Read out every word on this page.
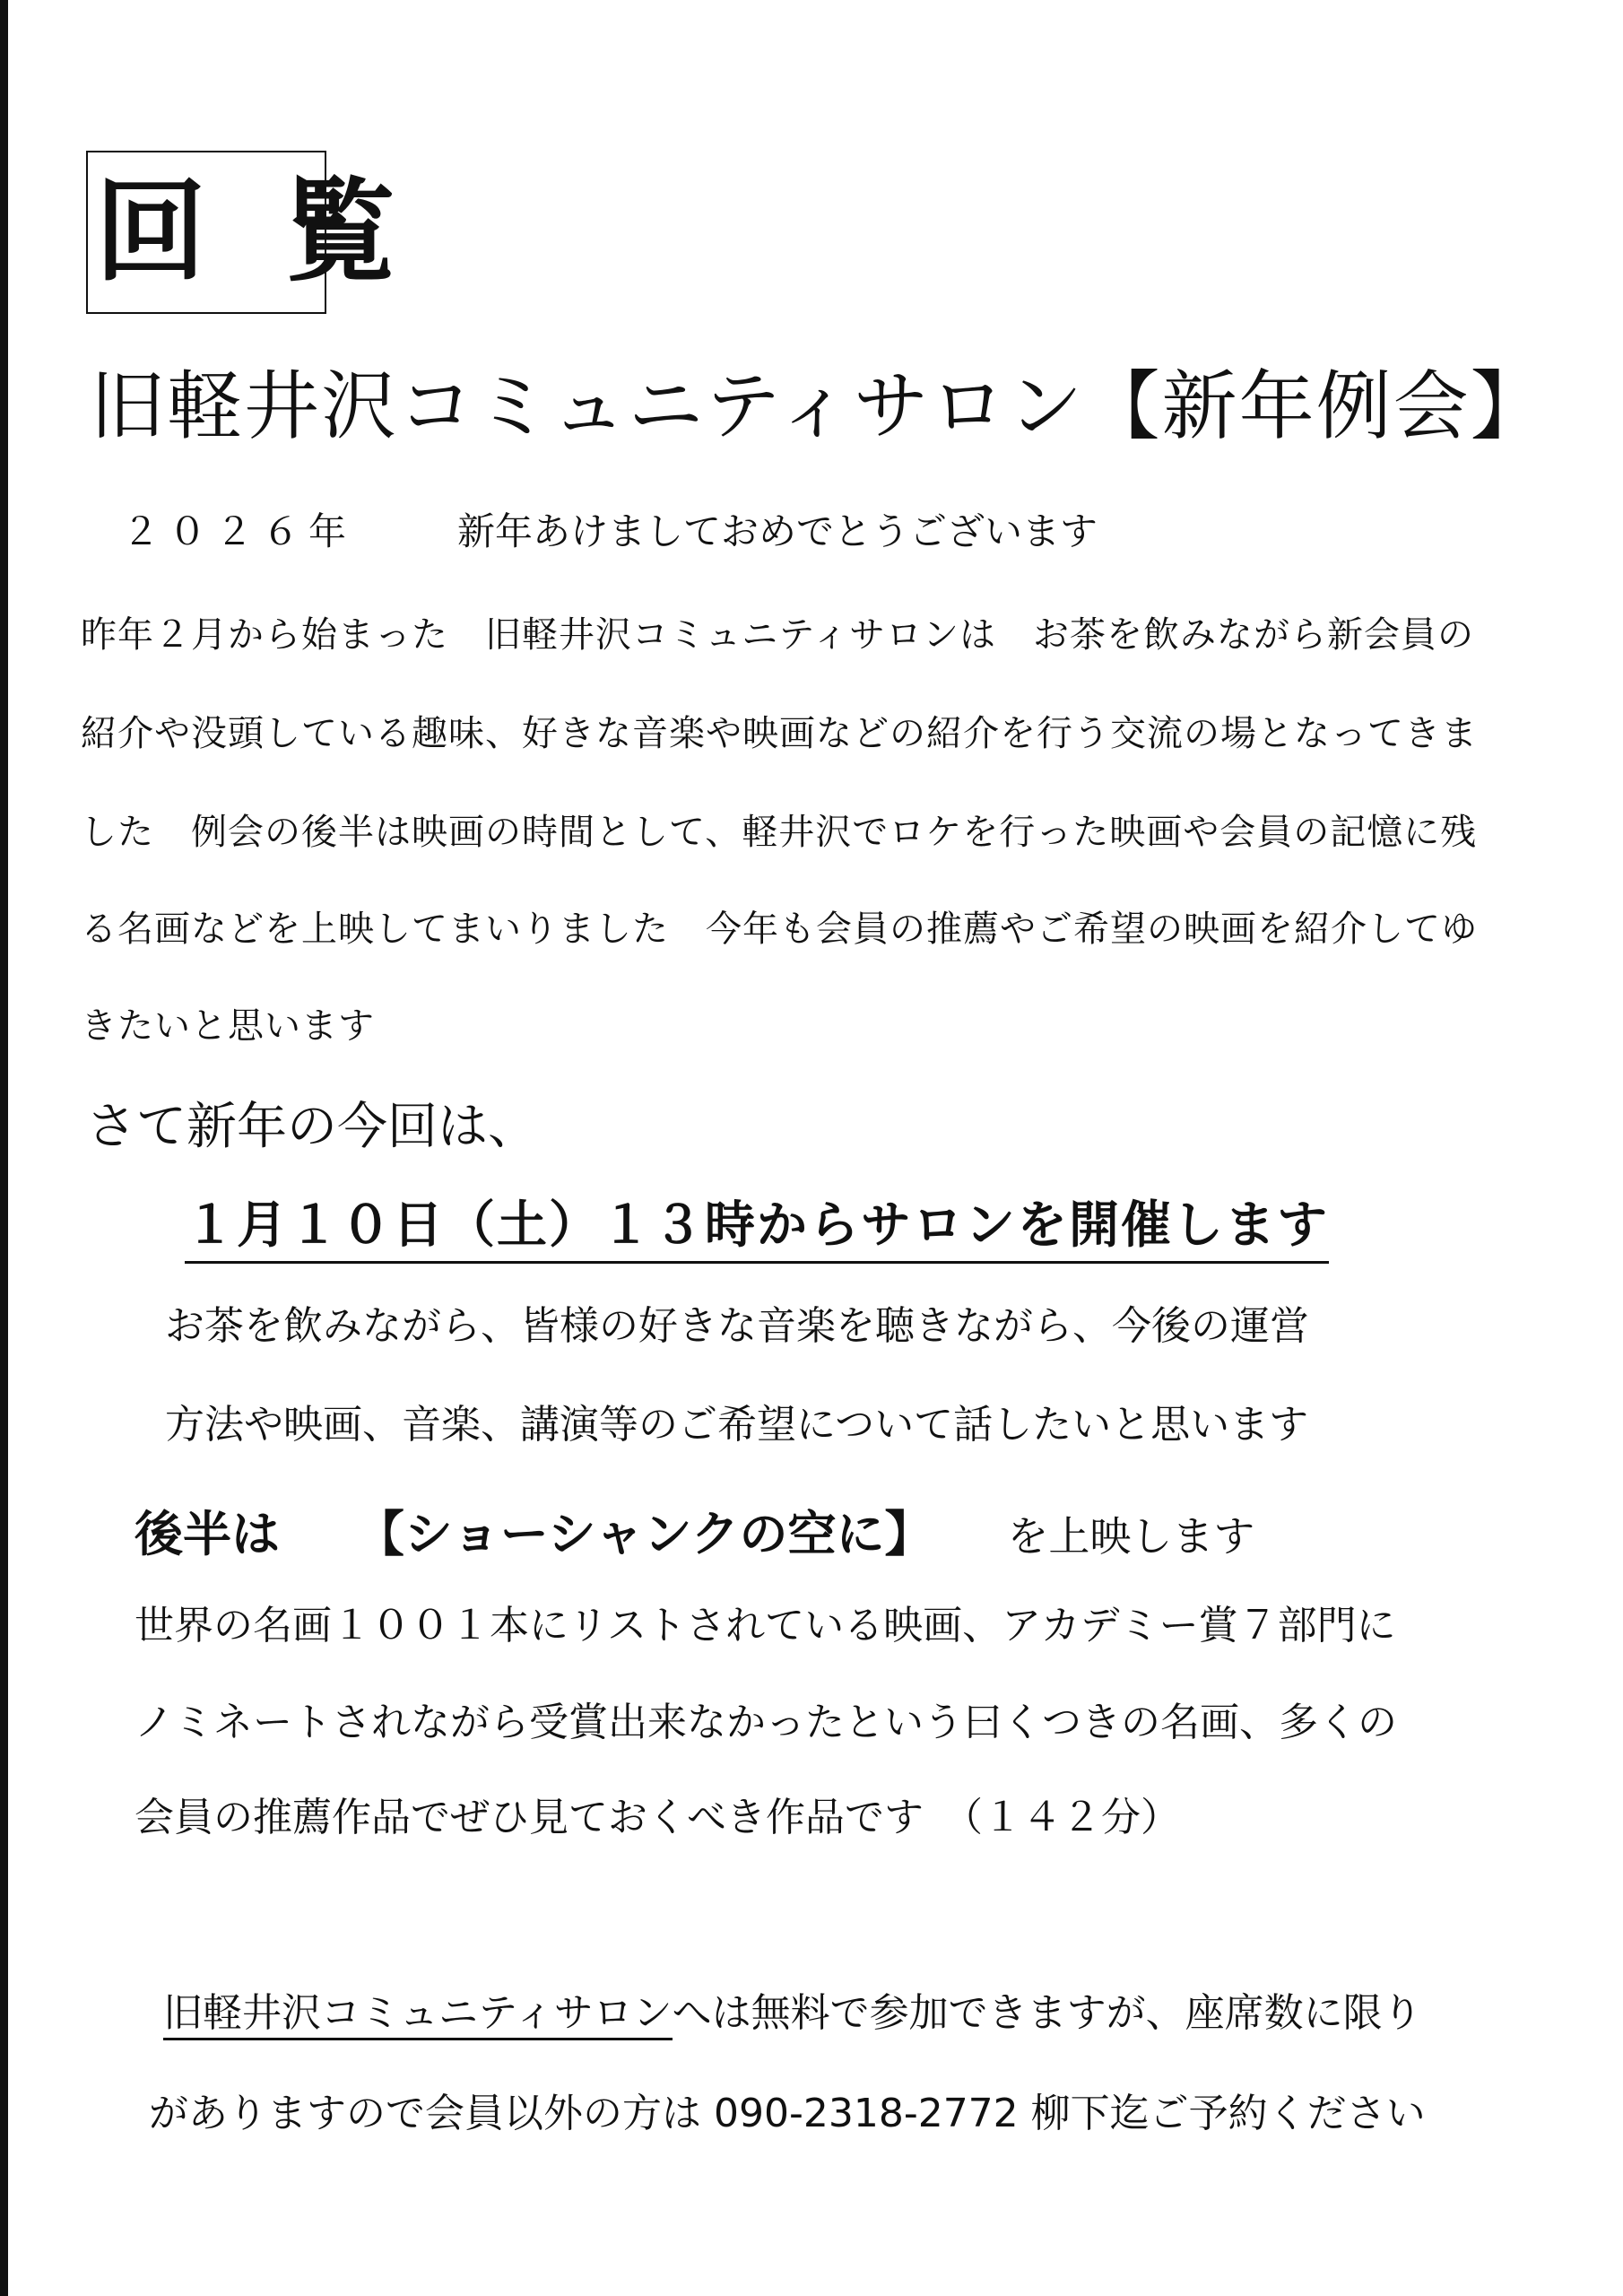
回 覧
旧軽井沢コミュニティサロン【新年例会】
２０２６年	新年あけましておめでとうございます
昨年２月から始まった　旧軽井沢コミュニティサロンは　お茶を飲みながら新会員の
紹介や没頭している趣味、好きな音楽や映画などの紹介を行う交流の場となってきま
した　例会の後半は映画の時間として、軽井沢でロケを行った映画や会員の記憶に残
る名画などを上映してまいりました　今年も会員の推薦やご希望の映画を紹介してゆ
きたいと思います
さて新年の今回は、
１月１０日（土）１３時からサロンを開催します
お茶を飲みながら、皆様の好きな音楽を聴きながら、今後の運営
方法や映画、音楽、講演等のご希望について話したいと思います
後半は 【ショーシャンクの空に】 を上映します
世界の名画１００１本にリストされている映画、アカデミー賞７部門に
ノミネートされながら受賞出来なかったという曰くつきの名画、多くの
会員の推薦作品でぜひ見ておくべき作品です　（１４２分）
旧軽井沢コミュニティサロンへは無料で参加できますが、座席数に限り
がありますので会員以外の方は 090-2318-2772 柳下迄ご予約ください
